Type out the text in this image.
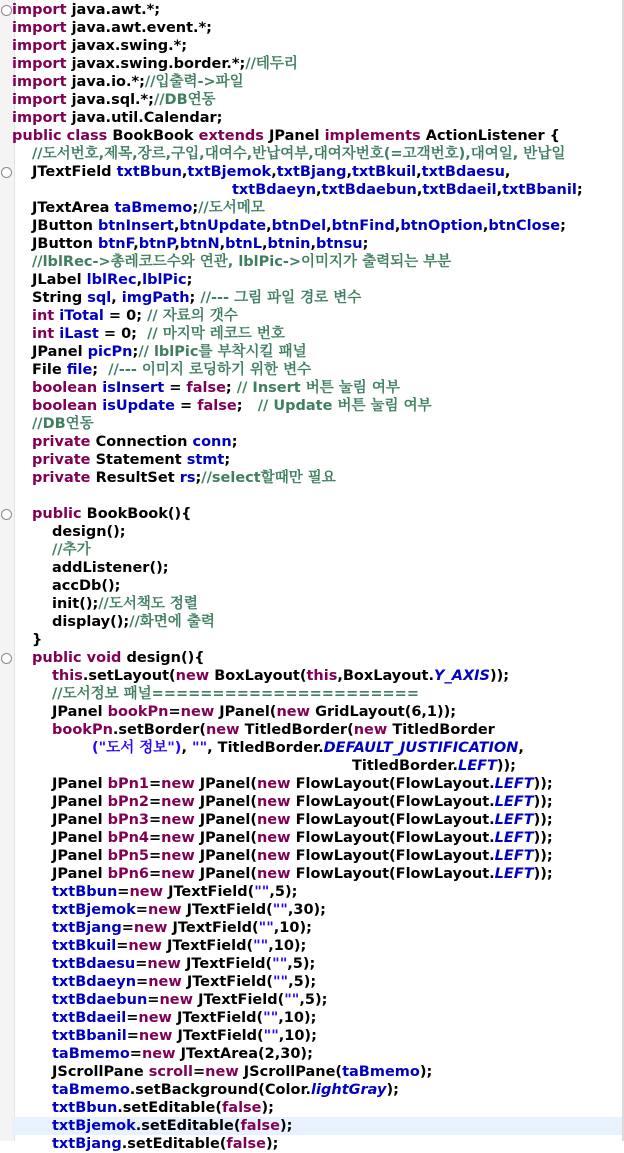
import java.awt.*;
import java.awt.event.*;
import javax.swing.*;
import javax.swing.border.*;//테두리
import java.io.*;//입출력->파일
import java.sql.*;//DB연동
import java.util.Calendar;
public class BookBook extends JPanel implements ActionListener {
//도서번호,제목,장르,구입,대여수,반납여부,대여자번호(=고객번호),대여일, 반납일
JTextField txtBbun,txtBjemok,txtBjang,txtBkuil,txtBdaesu,
txtBdaeyn,txtBdaebun,txtBdaeil,txtBbanil;
JTextArea taBmemo;//도서메모
JButton btnInsert,btnUpdate,btnDel,btnFind,btnOption,btnClose;
JButton btnF,btnP,btnN,btnL,btnin,btnsu;
//lblRec->총레코드수와 연관, lblPic->이미지가 출력되는 부분
JLabel lblRec,lblPic;
String sql, imgPath; //--- 그림 파일 경로 변수
int iTotal = 0; // 자료의 갯수
int iLast = 0;  // 마지막 레코드 번호
JPanel picPn;// lblPic를 부착시킬 패널
File file;  //--- 이미지 로딩하기 위한 변수
boolean isInsert = false; // Insert 버튼 눌림 여부
boolean isUpdate = false;   // Update 버튼 눌림 여부
//DB연동
private Connection conn;
private Statement stmt;
private ResultSet rs;//select할때만 필요
public BookBook(){
design();
//추가
addListener();
accDb();
init();//도서책도 정렬
display();//화면에 출력
}
public void design(){
this.setLayout(new BoxLayout(this,BoxLayout.Y_AXIS));
//도서정보 패널======================
JPanel bookPn=new JPanel(new GridLayout(6,1));
bookPn.setBorder(new TitledBorder(new TitledBorder
("도서 정보"), "", TitledBorder.DEFAULT_JUSTIFICATION,
TitledBorder.LEFT));
JPanel bPn1=new JPanel(new FlowLayout(FlowLayout.LEFT));
JPanel bPn2=new JPanel(new FlowLayout(FlowLayout.LEFT));
JPanel bPn3=new JPanel(new FlowLayout(FlowLayout.LEFT));
JPanel bPn4=new JPanel(new FlowLayout(FlowLayout.LEFT));
JPanel bPn5=new JPanel(new FlowLayout(FlowLayout.LEFT));
JPanel bPn6=new JPanel(new FlowLayout(FlowLayout.LEFT));
txtBbun=new JTextField("",5);
txtBjemok=new JTextField("",30);
txtBjang=new JTextField("",10);
txtBkuil=new JTextField("",10);
txtBdaesu=new JTextField("",5);
txtBdaeyn=new JTextField("",5);
txtBdaebun=new JTextField("",5);
txtBdaeil=new JTextField("",10);
txtBbanil=new JTextField("",10);
taBmemo=new JTextArea(2,30);
JScrollPane scroll=new JScrollPane(taBmemo);
taBmemo.setBackground(Color.lightGray);
txtBbun.setEditable(false);
txtBjemok.setEditable(false);
txtBjang.setEditable(false);
